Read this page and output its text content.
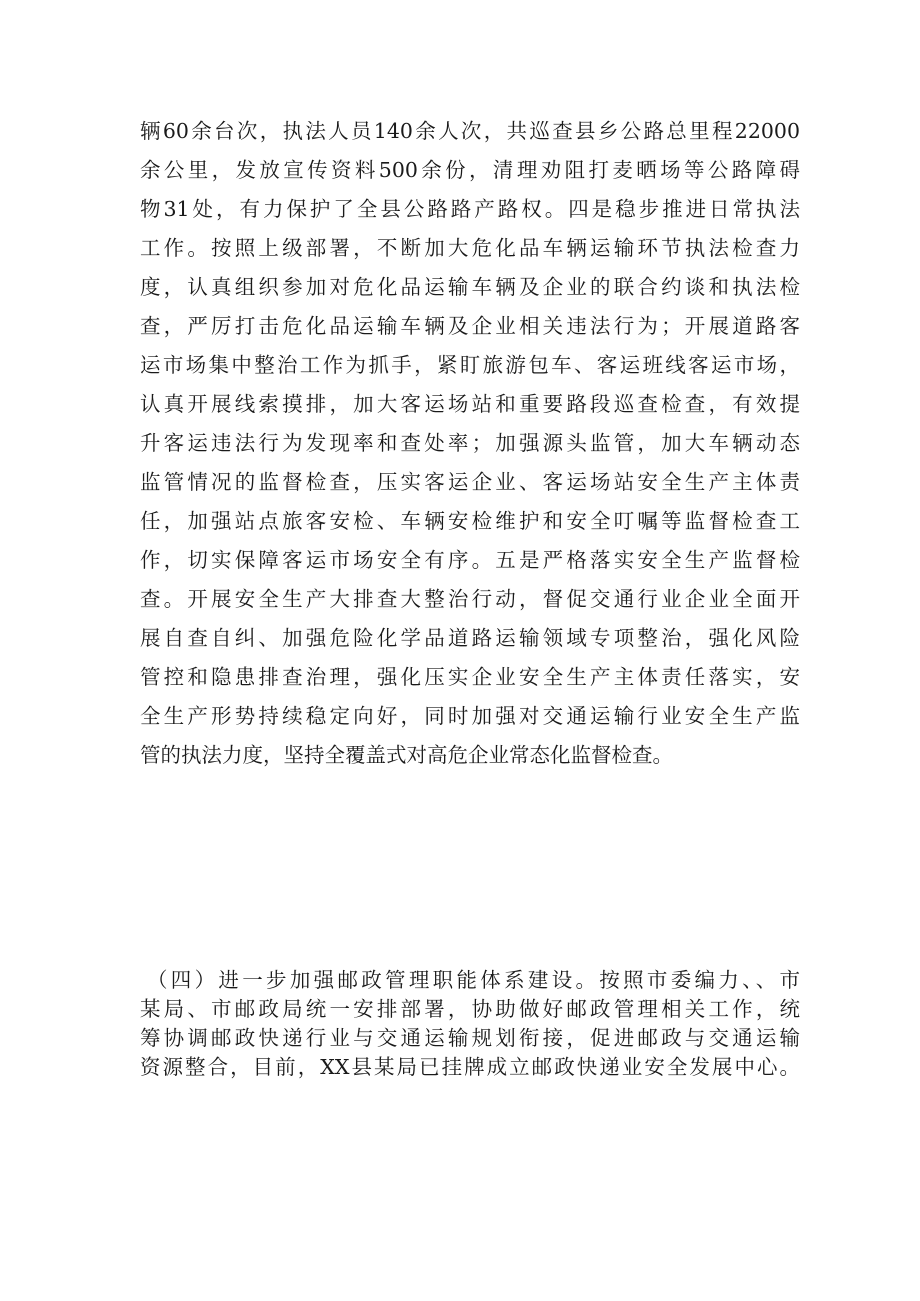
辆60余台次，执法人员140余人次，共巡查县乡公路总里程22000
余公里，发放宣传资料500余份，清理劝阻打麦晒场等公路障碍
物31处，有力保护了全县公路路产路权。四是稳步推进日常执法
工作。按照上级部署，不断加大危化品车辆运输环节执法检查力
度，认真组织参加对危化品运输车辆及企业的联合约谈和执法检
查，严厉打击危化品运输车辆及企业相关违法行为；开展道路客
运市场集中整治工作为抓手，紧盯旅游包车、客运班线客运市场，
认真开展线索摸排，加大客运场站和重要路段巡查检查，有效提
升客运违法行为发现率和查处率；加强源头监管，加大车辆动态
监管情况的监督检查，压实客运企业、客运场站安全生产主体责
任，加强站点旅客安检、车辆安检维护和安全叮嘱等监督检查工
作，切实保障客运市场安全有序。五是严格落实安全生产监督检
查。开展安全生产大排查大整治行动，督促交通行业企业全面开
展自查自纠、加强危险化学品道路运输领域专项整治，强化风险
管控和隐患排查治理，强化压实企业安全生产主体责任落实，安
全生产形势持续稳定向好，同时加强对交通运输行业安全生产监
管的执法力度，坚持全覆盖式对高危企业常态化监督检查。
（四）进一步加强邮政管理职能体系建设。按照市委编力、、市
某局、市邮政局统一安排部署，协助做好邮政管理相关工作，统
筹协调邮政快递行业与交通运输规划衔接，促进邮政与交通运输
资源整合，目前，XX县某局已挂牌成立邮政快递业安全发展中心。
